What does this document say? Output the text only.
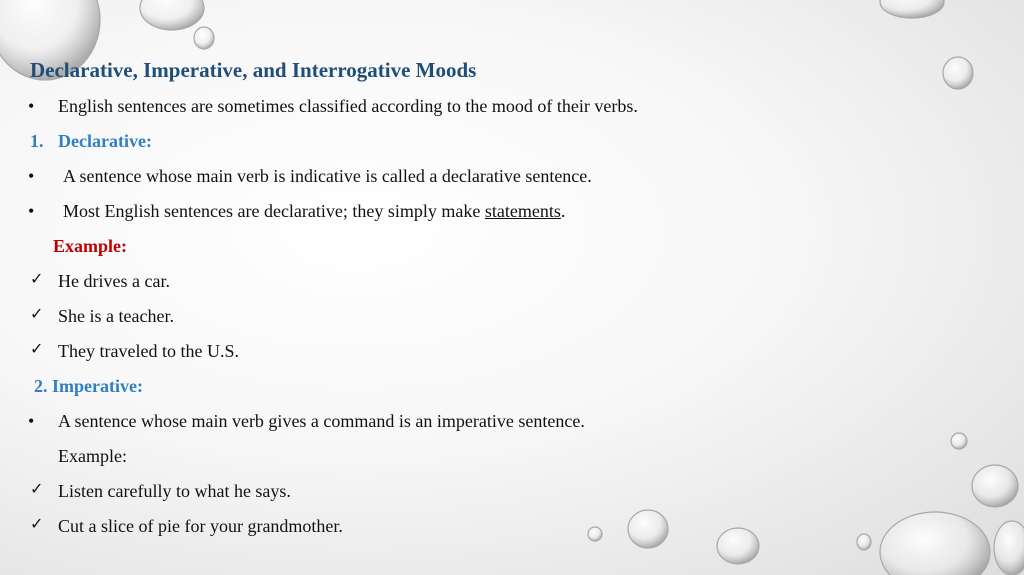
Declarative, Imperative, and Interrogative Moods
• English sentences are sometimes classified according to the mood of their verbs.
1. Declarative:
• A sentence whose main verb is indicative is called a declarative sentence.
• Most English sentences are declarative; they simply make statements.
Example:
✓ He drives a car.
✓ She is a teacher.
✓ They traveled to the U.S.
2. Imperative:
• A sentence whose main verb gives a command is an imperative sentence.
Example:
✓ Listen carefully to what he says.
✓ Cut a slice of pie for your grandmother.
